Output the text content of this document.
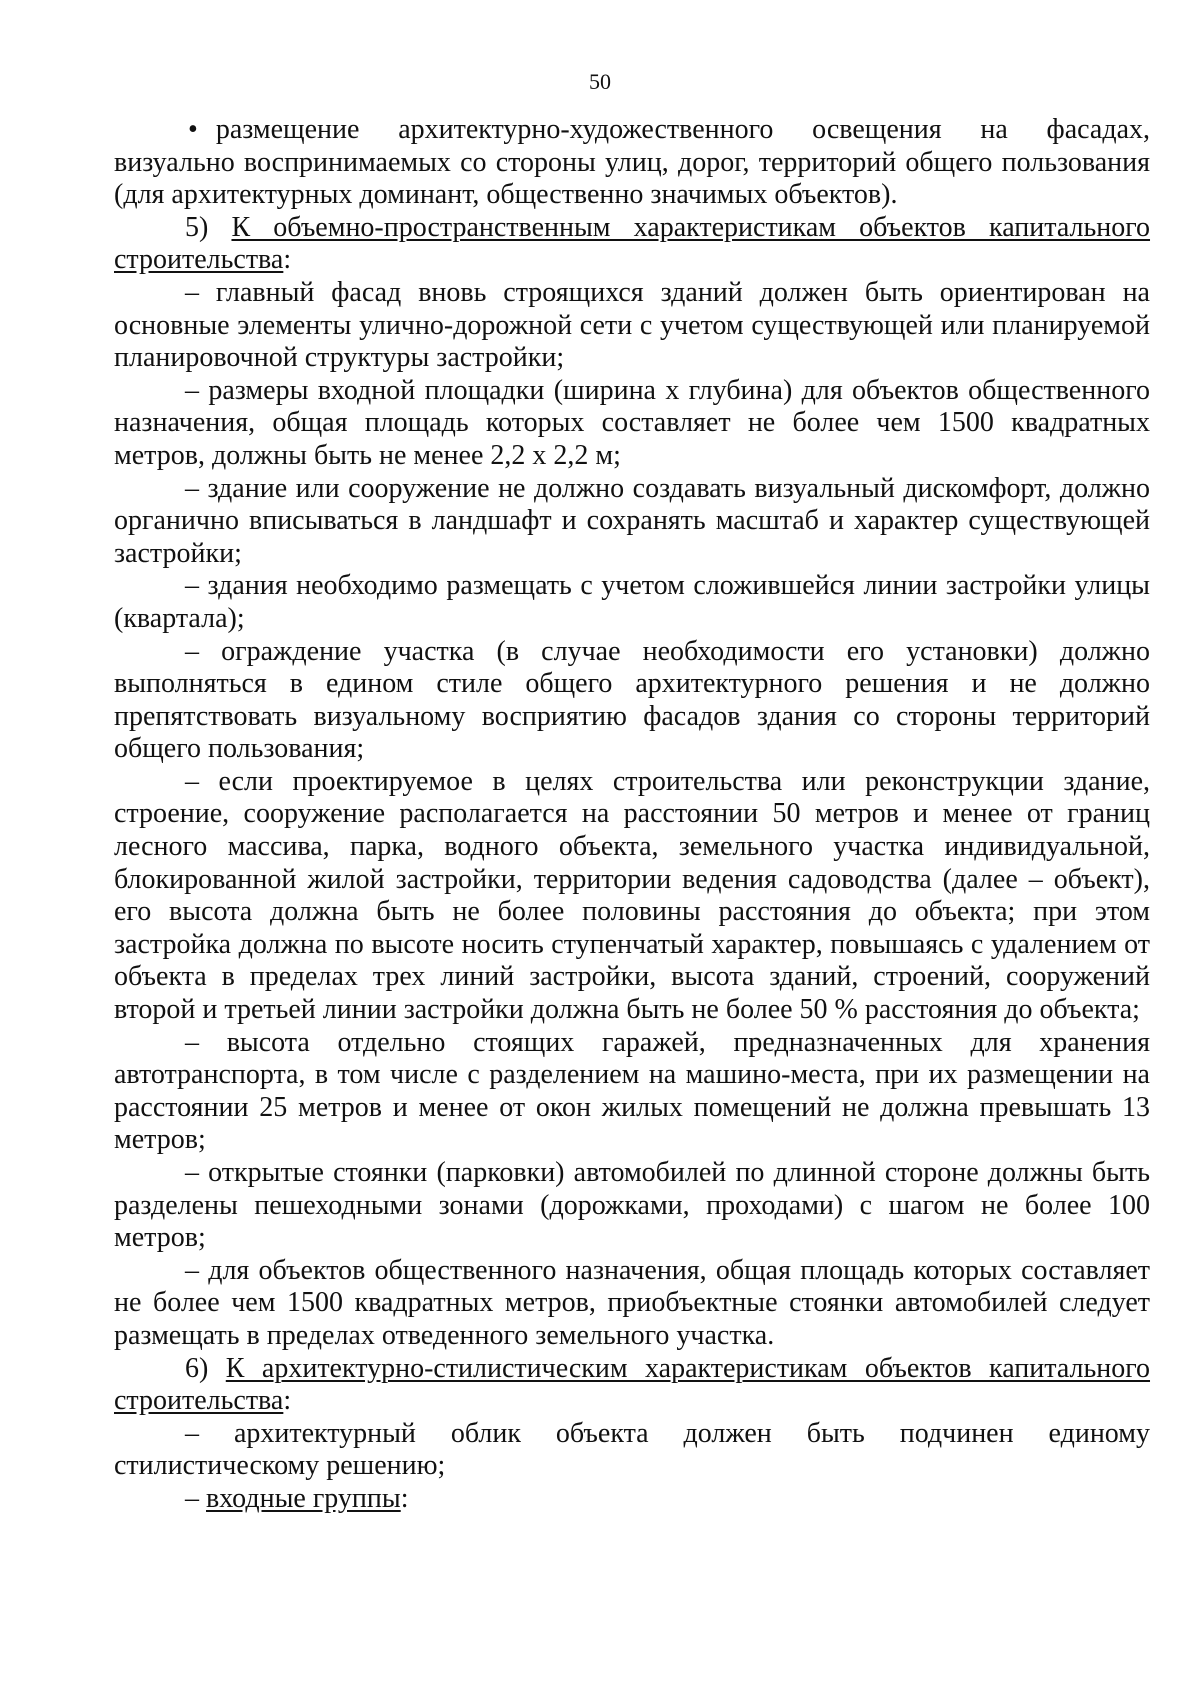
50

• размещение архитектурно-художественного освещения на фасадах, визуально воспринимаемых со стороны улиц, дорог, территорий общего пользования (для архитектурных доминант, общественно значимых объектов).

5) К объемно-пространственным характеристикам объектов капитального строительства:

– главный фасад вновь строящихся зданий должен быть ориентирован на основные элементы улично-дорожной сети с учетом существующей или планируемой планировочной структуры застройки;

– размеры входной площадки (ширина х глубина) для объектов общественного назначения, общая площадь которых составляет не более чем 1500 квадратных метров, должны быть не менее 2,2 х 2,2 м;

– здание или сооружение не должно создавать визуальный дискомфорт, должно органично вписываться в ландшафт и сохранять масштаб и характер существующей застройки;

– здания необходимо размещать с учетом сложившейся линии застройки улицы (квартала);

– ограждение участка (в случае необходимости его установки) должно выполняться в едином стиле общего архитектурного решения и не должно препятствовать визуальному восприятию фасадов здания со стороны территорий общего пользования;

– если проектируемое в целях строительства или реконструкции здание, строение, сооружение располагается на расстоянии 50 метров и менее от границ лесного массива, парка, водного объекта, земельного участка индивидуальной, блокированной жилой застройки, территории ведения садоводства (далее – объект), его высота должна быть не более половины расстояния до объекта; при этом застройка должна по высоте носить ступенчатый характер, повышаясь с удалением от объекта в пределах трех линий застройки, высота зданий, строений, сооружений второй и третьей линии застройки должна быть не более 50 % расстояния до объекта;

– высота отдельно стоящих гаражей, предназначенных для хранения автотранспорта, в том числе с разделением на машино-места, при их размещении на расстоянии 25 метров и менее от окон жилых помещений не должна превышать 13 метров;

– открытые стоянки (парковки) автомобилей по длинной стороне должны быть разделены пешеходными зонами (дорожками, проходами) с шагом не более 100 метров;

– для объектов общественного назначения, общая площадь которых составляет не более чем 1500 квадратных метров, приобъектные стоянки автомобилей следует размещать в пределах отведенного земельного участка.

6) К архитектурно-стилистическим характеристикам объектов капитального строительства:

– архитектурный облик объекта должен быть подчинен единому стилистическому решению;

– входные группы:
